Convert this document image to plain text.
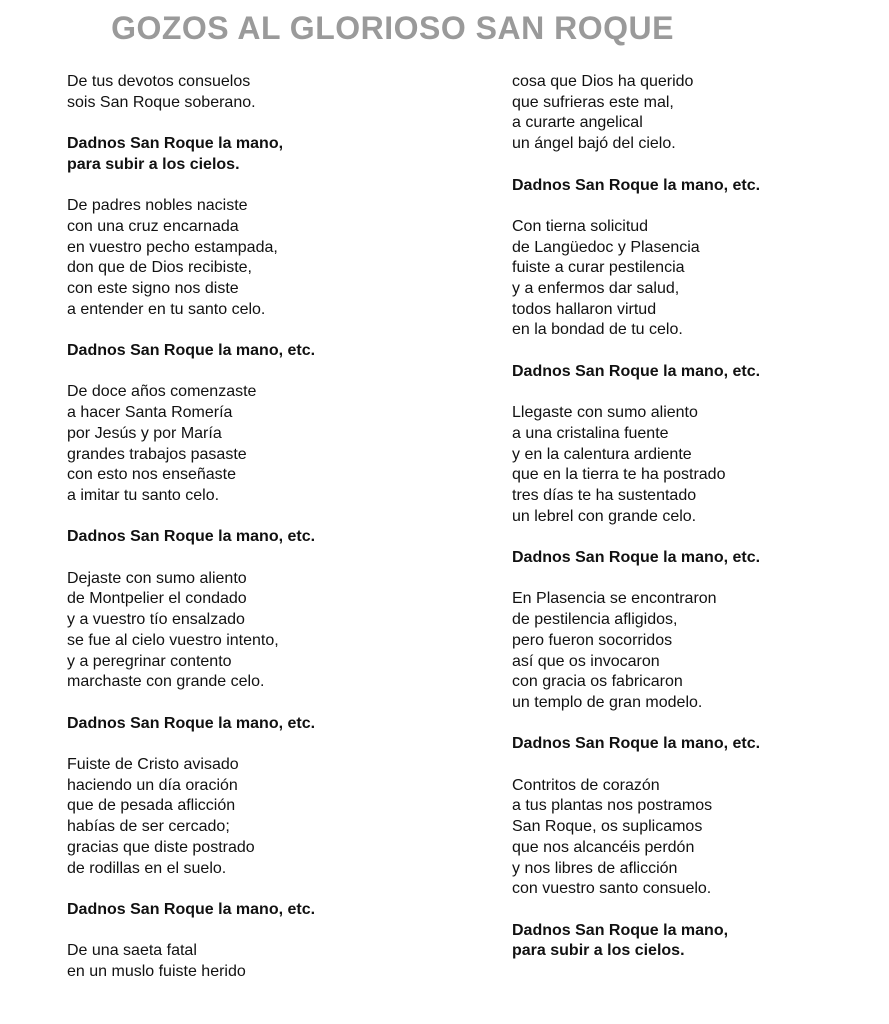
GOZOS AL GLORIOSO SAN ROQUE
De tus devotos consuelos
sois San Roque soberano.
Dadnos San Roque la mano,
para subir a los cielos.
De padres nobles naciste
con una cruz encarnada
en vuestro pecho estampada,
don que de Dios recibiste,
con este signo nos diste
a entender en tu santo celo.
Dadnos San Roque la mano, etc.
De doce años comenzaste
a hacer Santa Romería
por Jesús y por María
grandes trabajos pasaste
con esto nos enseñaste
a imitar tu santo celo.
Dadnos San Roque la mano, etc.
Dejaste con sumo aliento
de Montpelier el condado
y a vuestro tío ensalzado
se fue al cielo vuestro intento,
y a peregrinar contento
marchaste con grande celo.
Dadnos San Roque la mano, etc.
Fuiste de Cristo avisado
haciendo un día oración
que de pesada aflicción
habías de ser cercado;
gracias que diste postrado
de rodillas en el suelo.
Dadnos San Roque la mano, etc.
De una saeta fatal
en un muslo fuiste herido
cosa que Dios ha querido
que sufrieras este mal,
a curarte angelical
un ángel bajó del cielo.
Dadnos San Roque la mano, etc.
Con tierna solicitud
de Langüedoc y Plasencia
fuiste a curar pestilencia
y a enfermos dar salud,
todos hallaron virtud
en la bondad de tu celo.
Dadnos San Roque la mano, etc.
Llegaste con sumo aliento
a una cristalina fuente
y en la calentura ardiente
que en la tierra te ha postrado
tres días te ha sustentado
un lebrel con grande celo.
Dadnos San Roque la mano, etc.
En Plasencia se encontraron
de pestilencia afligidos,
pero fueron socorridos
así que os invocaron
con gracia os fabricaron
un templo de gran modelo.
Dadnos San Roque la mano, etc.
Contritos de corazón
a tus plantas nos postramos
San Roque, os suplicamos
que nos alcancéis perdón
y nos libres de aflicción
con vuestro santo consuelo.
Dadnos San Roque la mano,
para subir a los cielos.
